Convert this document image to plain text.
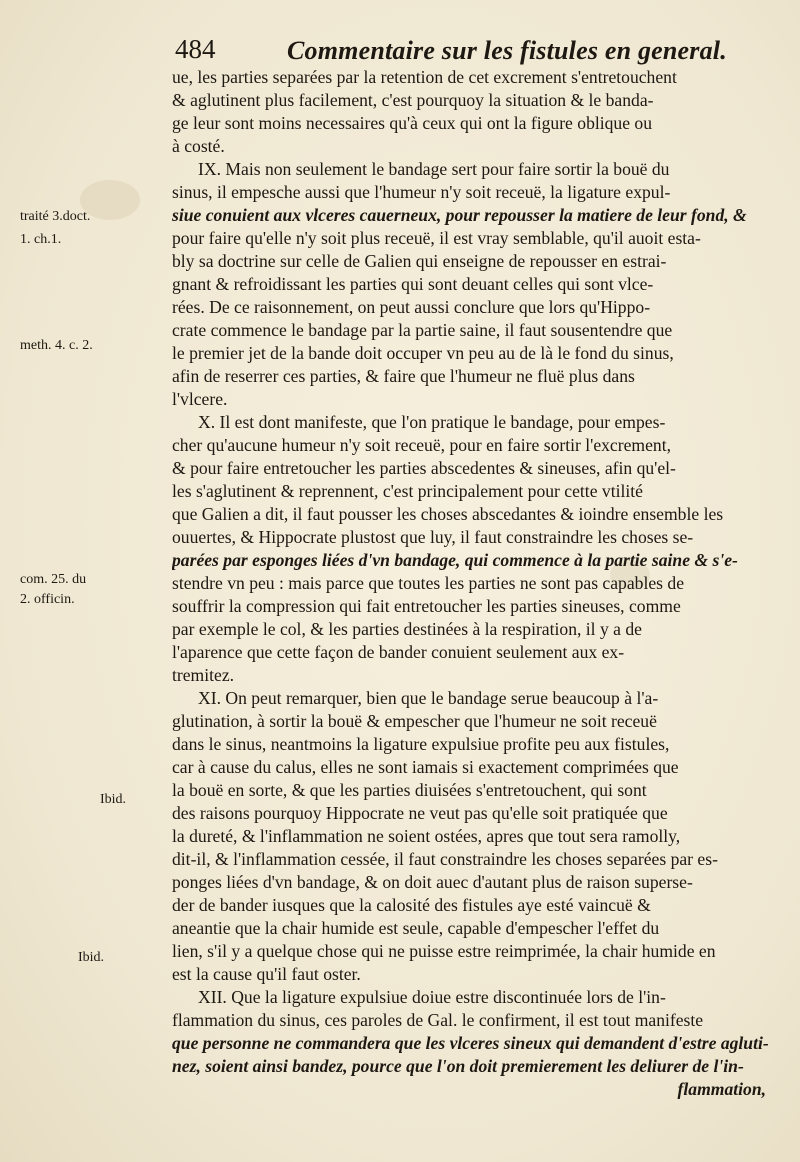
484	Commentaire sur les fistules en general.
traité 3.doct.
1. ch.1.
meth. 4. c. 2.
com. 25. du
2. officin.
Ibid.
Ibid.
ue, les parties separées par la retention de cet excrement s'entretouchent
& aglutinent plus facilement, c'est pourquoy la situation & le banda-
ge leur sont moins necessaires qu'à ceux qui ont la figure oblique ou
à costé.
IX. Mais non seulement le bandage sert pour faire sortir la bouë du
sinus, il empesche aussi que l'humeur n'y soit receuë, la ligature expul-
siue conuient aux vlceres cauerneux, pour repousser la matiere de leur fond, &
pour faire qu'elle n'y soit plus receuë, il est vray semblable, qu'il auoit esta-
bly sa doctrine sur celle de Galien qui enseigne de repousser en estrai-
gnant & refroidissant les parties qui sont deuant celles qui sont vlce-
rées. De ce raisonnement, on peut aussi conclure que lors qu'Hippo-
crate commence le bandage par la partie saine, il faut sousentendre que
le premier jet de la bande doit occuper vn peu au de là le fond du sinus,
afin de reserrer ces parties, & faire que l'humeur ne fluë plus dans
l'vlcere.
X. Il est dont manifeste, que l'on pratique le bandage, pour empes-
cher qu'aucune humeur n'y soit receuë, pour en faire sortir l'excrement,
& pour faire entretoucher les parties abscedentes & sineuses, afin qu'el-
les s'aglutinent & reprennent, c'est principalement pour cette vtilité
que Galien a dit, il faut pousser les choses abscedantes & ioindre ensemble les
ouuertes, & Hippocrate plustost que luy, il faut constraindre les choses se-
parées par esponges liées d'vn bandage, qui commence à la partie saine & s'e-
stendre vn peu : mais parce que toutes les parties ne sont pas capables de
souffrir la compression qui fait entretoucher les parties sineuses, comme
par exemple le col, & les parties destinées à la respiration, il y a de
l'aparence que cette façon de bander conuient seulement aux ex-
tremitez.
XI. On peut remarquer, bien que le bandage serue beaucoup à l'a-
glutination, à sortir la bouë & empescher que l'humeur ne soit receuë
dans le sinus, neantmoins la ligature expulsiue profite peu aux fistules,
car à cause du calus, elles ne sont iamais si exactement comprimées que
la bouë en sorte, & que les parties diuisées s'entretouchent, qui sont
des raisons pourquoy Hippocrate ne veut pas qu'elle soit pratiquée que
la dureté, & l'inflammation ne soient ostées, apres que tout sera ramolly,
dit-il, & l'inflammation cessée, il faut constraindre les choses separées par es-
ponges liées d'vn bandage, & on doit auec d'autant plus de raison superse-
der de bander iusques que la calosité des fistules aye esté vaincuë &
aneantie que la chair humide est seule, capable d'empescher l'effet du
lien, s'il y a quelque chose qui ne puisse estre reimprimée, la chair humide en
est la cause qu'il faut oster.
XII. Que la ligature expulsiue doiue estre discontinuée lors de l'in-
flammation du sinus, ces paroles de Gal. le confirment, il est tout manifeste
que personne ne commandera que les vlceres sineux qui demandent d'estre agluti-
nez, soient ainsi bandez, pource que l'on doit premierement les deliurer de l'in-
flammation,
